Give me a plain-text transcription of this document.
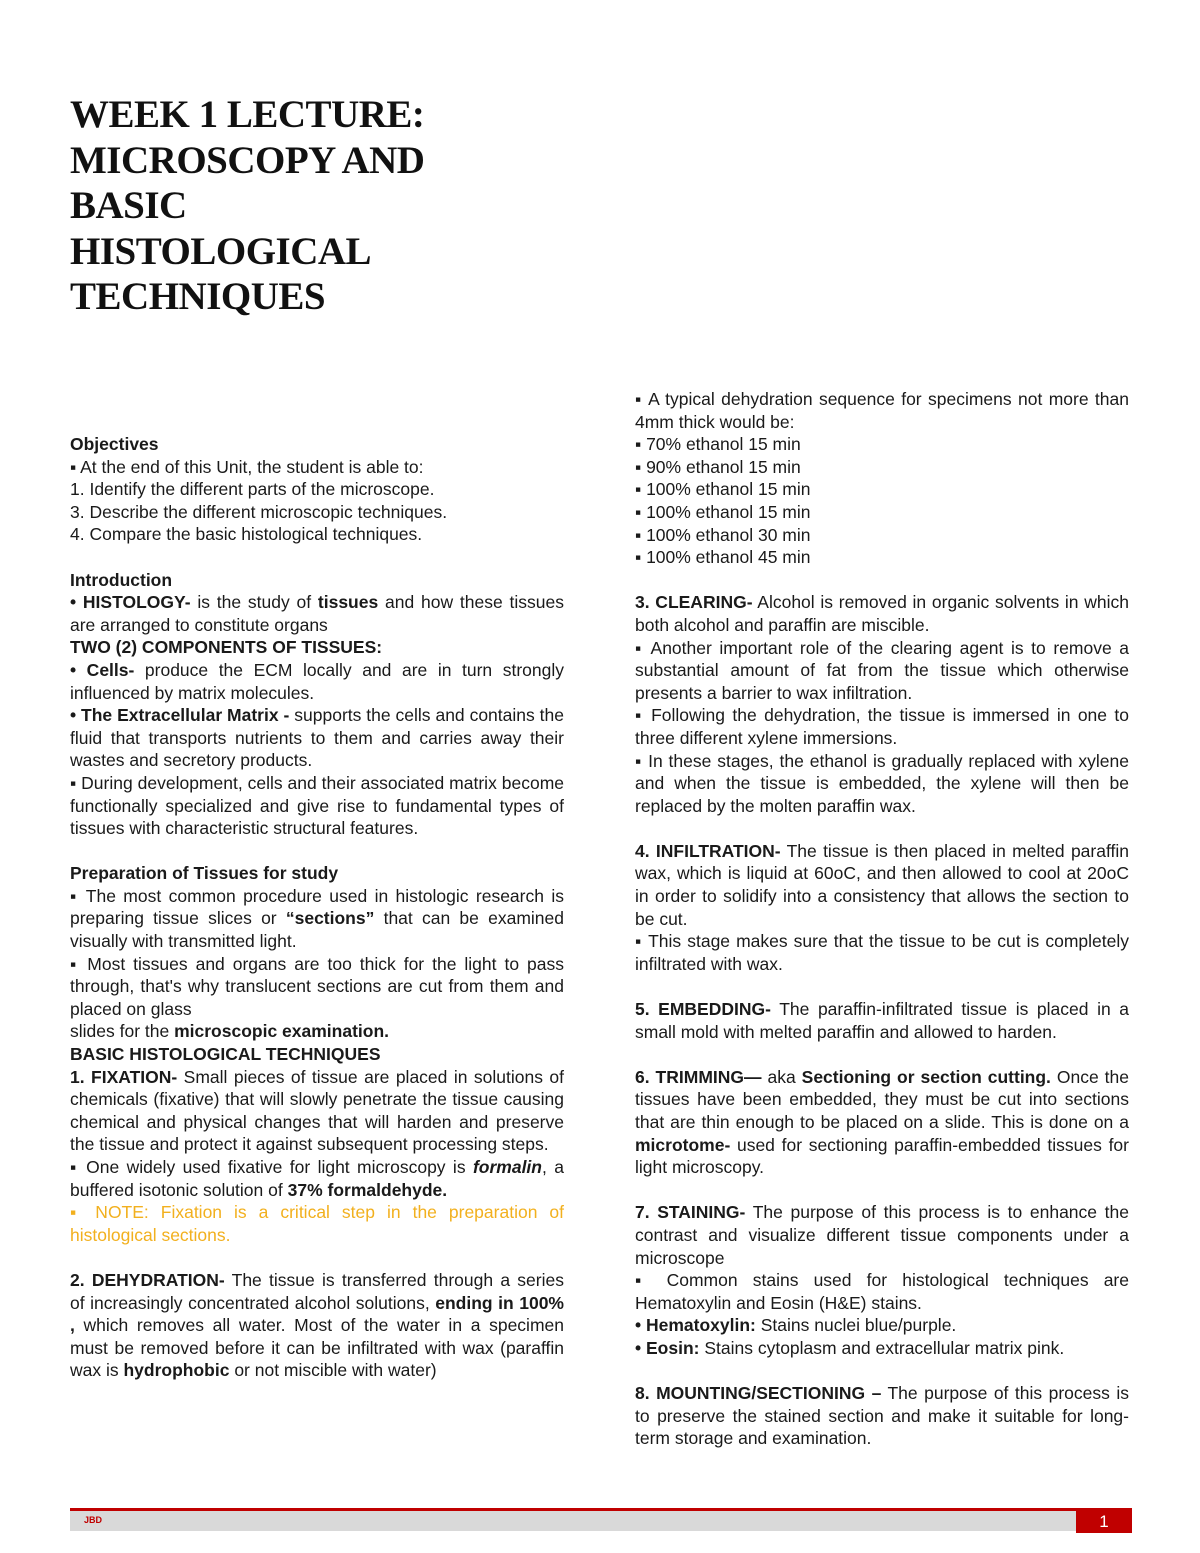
WEEK 1 LECTURE:
MICROSCOPY AND
BASIC
HISTOLOGICAL
TECHNIQUES

Objectives

▪ At the end of this Unit, the student is able to:

1. Identify the different parts of the microscope.

3. Describe the different microscopic techniques.

4. Compare the basic histological techniques.

Introduction

• HISTOLOGY- is the study of tissues and how these tissues are arranged to constitute organs

TWO (2) COMPONENTS OF TISSUES:

• Cells- produce the ECM locally and are in turn strongly influenced by matrix molecules.

• The Extracellular Matrix - supports the cells and contains the fluid that transports nutrients to them and carries away their wastes and secretory products.

▪ During development, cells and their associated matrix become functionally specialized and give rise to fundamental types of tissues with characteristic structural features.

Preparation of Tissues for study

▪ The most common procedure used in histologic research is preparing tissue slices or “sections” that can be examined visually with transmitted light.

▪ Most tissues and organs are too thick for the light to pass through, that's why translucent sections are cut from them and placed on glass

slides for the microscopic examination.

BASIC HISTOLOGICAL TECHNIQUES

1. FIXATION- Small pieces of tissue are placed in solutions of chemicals (fixative) that will slowly penetrate the tissue causing chemical and physical changes that will harden and preserve the tissue and protect it against subsequent processing steps.

▪ One widely used fixative for light microscopy is formalin, a buffered isotonic solution of 37% formaldehyde.

▪ NOTE: Fixation is a critical step in the preparation of histological sections.

2. DEHYDRATION- The tissue is transferred through a series of increasingly concentrated alcohol solutions, ending in 100% , which removes all water. Most of the water in a specimen must be removed before it can be infiltrated with wax (paraffin wax is hydrophobic or not miscible with water)

▪ A typical dehydration sequence for specimens not more than 4mm thick would be:

▪ 70% ethanol 15 min

▪ 90% ethanol 15 min

▪ 100% ethanol 15 min

▪ 100% ethanol 15 min

▪ 100% ethanol 30 min

▪ 100% ethanol 45 min

3. CLEARING- Alcohol is removed in organic solvents in which both alcohol and paraffin are miscible.

▪ Another important role of the clearing agent is to remove a substantial amount of fat from the tissue which otherwise presents a barrier to wax infiltration.

▪ Following the dehydration, the tissue is immersed in one to three different xylene immersions.

▪ In these stages, the ethanol is gradually replaced with xylene and when the tissue is embedded, the xylene will then be replaced by the molten paraffin wax.

4. INFILTRATION- The tissue is then placed in melted paraffin wax, which is liquid at 60oC, and then allowed to cool at 20oC in order to solidify into a consistency that allows the section to be cut.

▪ This stage makes sure that the tissue to be cut is completely infiltrated with wax.

5. EMBEDDING- The paraffin-infiltrated tissue is placed in a small mold with melted paraffin and allowed to harden.

6. TRIMMING— aka Sectioning or section cutting. Once the tissues have been embedded, they must be cut into sections that are thin enough to be placed on a slide. This is done on a microtome- used for sectioning paraffin-embedded tissues for light microscopy.

7. STAINING- The purpose of this process is to enhance the contrast and visualize different tissue components under a microscope

▪ Common stains used for histological techniques are Hematoxylin and Eosin (H&E) stains.

• Hematoxylin: Stains nuclei blue/purple.

• Eosin: Stains cytoplasm and extracellular matrix pink.

8. MOUNTING/SECTIONING – The purpose of this process is to preserve the stained section and make it suitable for long-term storage and examination.

JBD	1
